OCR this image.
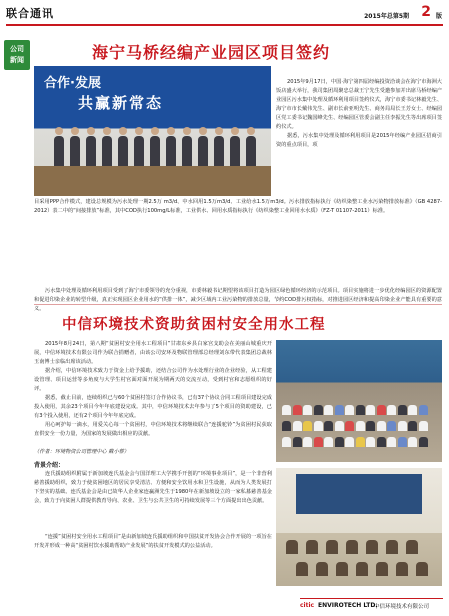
联合通讯	2015年总第5期 2 版
公司
新闻	海宁马桥经编产业园区项目签约
合作·发展
共赢新常态

2015年9月17日，中国·海宁第四届经编投资洽谈会在海宁市海洲大饭店盛大举行，我司集团周聚忠总裁王宁先生受邀参加并出席马桥经编产业园区污水集中处理及循环利用项目签约仪式，海宁市委书记林毅先生、海宁市市长戴伟先生、副市长俞亚明先生、商务局局长王芳女士、经编园区党工委书记魏国峰先生、经编园区管委会副主任李振先生等出席项目签约仪式。

据悉，污水集中处理及循环利用项目是2015年经编产业园区招商引资的重点项目，项

目采用PPP合作模式，建设总规模为污水处理一期2.5万 m3/d、中水回用1.5万m3/d、工业给水1.5万m3/d。污水排放指标执行《纺织染整工业水污染物排放标准》（GB 4287-2012）表二中的“间接排放”标准，其中COD执行100mg/L标准，工业供水、回用水质指标执行《纺织染整工业回用水水质》（FZ-T 01107-2011）标准。
污水集中处理及循环利用项目受到了海宁市委领导的充分重视，市委林毅书记期望将该项目打造为园区绿色循环经济的示范项目。项目实施将进一步优化经编园区的资源配置和促进印染企业的转型升级，真正实现园区企业用水的“供排一体”，减少区域内工业污染物的排放总量，节约COD排污权指标，对推进园区经济和提高印染企业产能具有重要的意义。
中信环境技术资助贫困村安全用水工程

2015年8月24日，第八期“贫困村安全用水工程项目”甘肃东乡县白家宫支助会在美丽山城重庆开展，中信环境技术有限公司作为联合捐赠者，由该公司安环及物联管理部总经理刘东带代表集团总裁林玉南博士亲临出席该活动。

据介绍，中信环境技术致力于资金上给予援助，还结合公司作为水处理行业的企业经验，从工程建设管理、项目运营等多角度与大学生村官面对面开展为期两天的交流互动，受到村官和志愿组织的好评。

据悉，截止目前，连续组织已与60个贫困村签订合作协议书，已有37个协议合同工程项目建设完成投入使用，其余23个项目今年年底建设完成。其中，中信环境技术去年参与了5个项目的资助建设，已有3个投入使用，还有2个项目今年年底完成。

用心呵护每一滴水，用爱关心每一个贫困村，中信环境技术将继续联合“连援驼铃”为贫困村民获取直供安全一份力量，为国家的发展做出相应的贡献。

（作者：环境物资公司管理中心 戴小蔡）
背景介绍：
连氏援助组织附属于新加坡连氏基金会与国洋理工大学携手开创的“环境事业项目”，是一个非营利慈善援助组织，致力于使贫困地区的居民享受清洁、方便和安全饮用水和卫生设施，从而为人类发展打下坚实的基础。连氏基金会是由已故华人企业家连赢洲先生于1980年在新加坡设立的一家私募慈善基金会，致力于向贫困人群提供教育导向、农业、卫生与公共卫生的可持续发展等三个方面提出出色贡献。
“连援”贫困村安全用水工程项目”是由新加坡连氏援助组织和中国扶贫开发协会合作开展的一项旨在开发并形成一种高“贫困村饮水援助帮助产业发展”的扶贫开发模式的公益活动。
citic ENVIROTECH LTD.
中信环境技术有限公司
